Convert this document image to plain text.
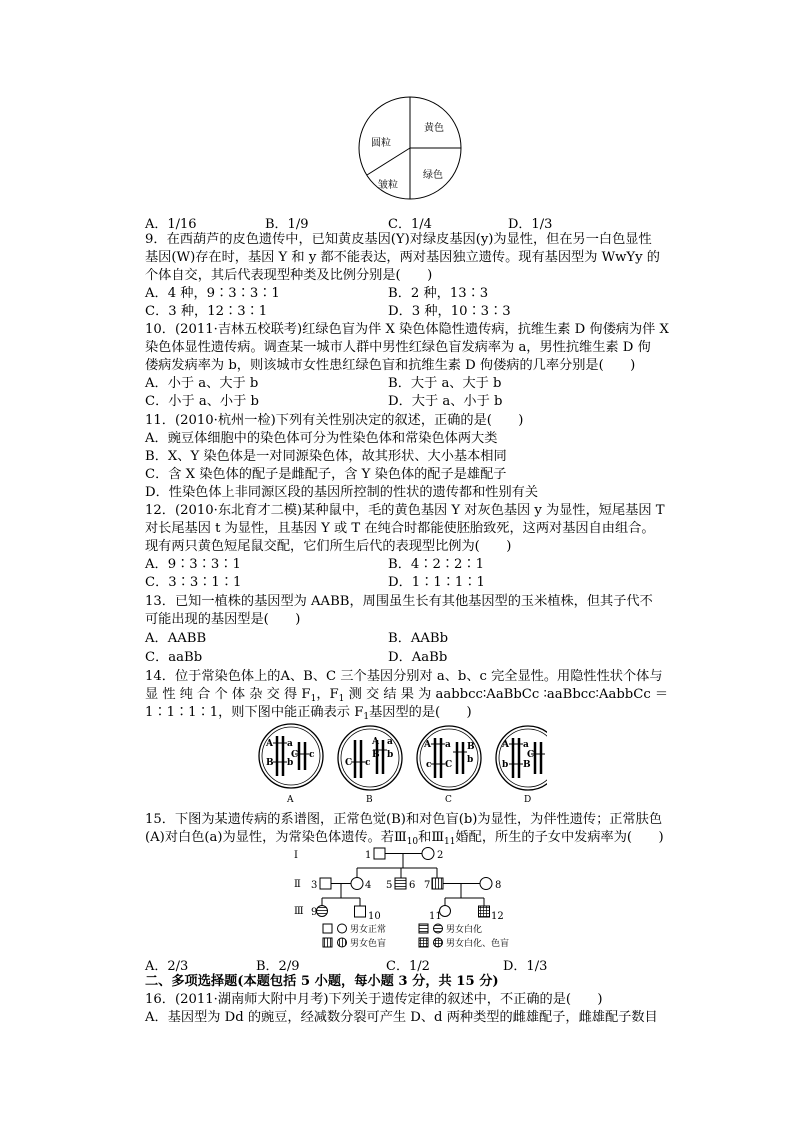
黄色
圆粒
绿色
皱粒
A．1/16	B．1/9	C．1/4	D．1/3
9．在西葫芦的皮色遗传中，已知黄皮基因(Y)对绿皮基因(y)为显性，但在另一白色显性
基因(W)存在时，基因 Y 和 y 都不能表达，两对基因独立遗传。现有基因型为 WwYy 的
个体自交，其后代表现型种类及比例分别是(　　)
A．4 种，9∶3∶3∶1	B．2 种，13∶3
C．3 种，12∶3∶1	D．3 种，10∶3∶3
10．(2011·吉林五校联考)红绿色盲为伴 X 染色体隐性遗传病，抗维生素 D 佝偻病为伴 X
染色体显性遗传病。调查某一城市人群中男性红绿色盲发病率为 a，男性抗维生素 D 佝
偻病发病率为 b，则该城市女性患红绿色盲和抗维生素 D 佝偻病的几率分别是(　　)
A．小于 a、大于 b	B．大于 a、大于 b
C．小于 a、小于 b	D．大于 a、小于 b
11．(2010·杭州一检)下列有关性别决定的叙述，正确的是(　　)
A．豌豆体细胞中的染色体可分为性染色体和常染色体两大类
B．X、Y 染色体是一对同源染色体，故其形状、大小基本相同
C．含 X 染色体的配子是雌配子，含 Y 染色体的配子是雄配子
D．性染色体上非同源区段的基因所控制的性状的遗传都和性别有关
12．(2010·东北育才二模)某种鼠中，毛的黄色基因 Y 对灰色基因 y 为显性，短尾基因 T
对长尾基因 t 为显性，且基因 Y 或 T 在纯合时都能使胚胎致死，这两对基因自由组合。
现有两只黄色短尾鼠交配，它们所生后代的表现型比例为(　　)
A．9∶3∶3∶1	B．4∶2∶2∶1
C．3∶3∶1∶1	D．1∶1∶1∶1
13．已知一植株的基因型为 AABB，周围虽生长有其他基因型的玉米植株，但其子代不
可能出现的基因型是(　　)
A．AABB	B．AABb
C．aaBb	D．AaBb
14．位于常染色体上的A、B、C 三个基因分别对 a、b、c 完全显性。用隐性性状个体与
显 性 纯 合 个 体 杂 交 得 $F_1$，$F_1$ 测 交 结 果 为 aabbcc∶AaBbCc ∶aaBbcc∶AabbCc ＝
1∶1∶1∶1，则下图中能正确表示 $F_1$基因型的是(　　)
A a
B b
C c
C c
A a
B b
A a
c C
B
b
A a
b B
C
A	B	C	D
15．下图为某遗传病的系谱图，正常色觉(B)和对色盲(b)为显性，为伴性遗传；正常肤色
(A)对白色(a)为显性，为常染色体遗传。若$Ⅲ_{10}$和$Ⅲ_{11}$婚配，所生的子女中发病率为(　　)
Ⅰ
Ⅱ
Ⅲ
1	2
3	4 5 6 7	8
9	10	11	12
男女正常	男女白化
男女色盲	男女白化、色盲
A．2/3	B．2/9	C．1/2	D．1/3
二、多项选择题(本题包括 5 小题，每小题 3 分，共 15 分)
16．(2011·湖南师大附中月考)下列关于遗传定律的叙述中，不正确的是(　　)
A．基因型为 Dd 的豌豆，经减数分裂可产生 D、d 两种类型的雌雄配子，雌雄配子数目
